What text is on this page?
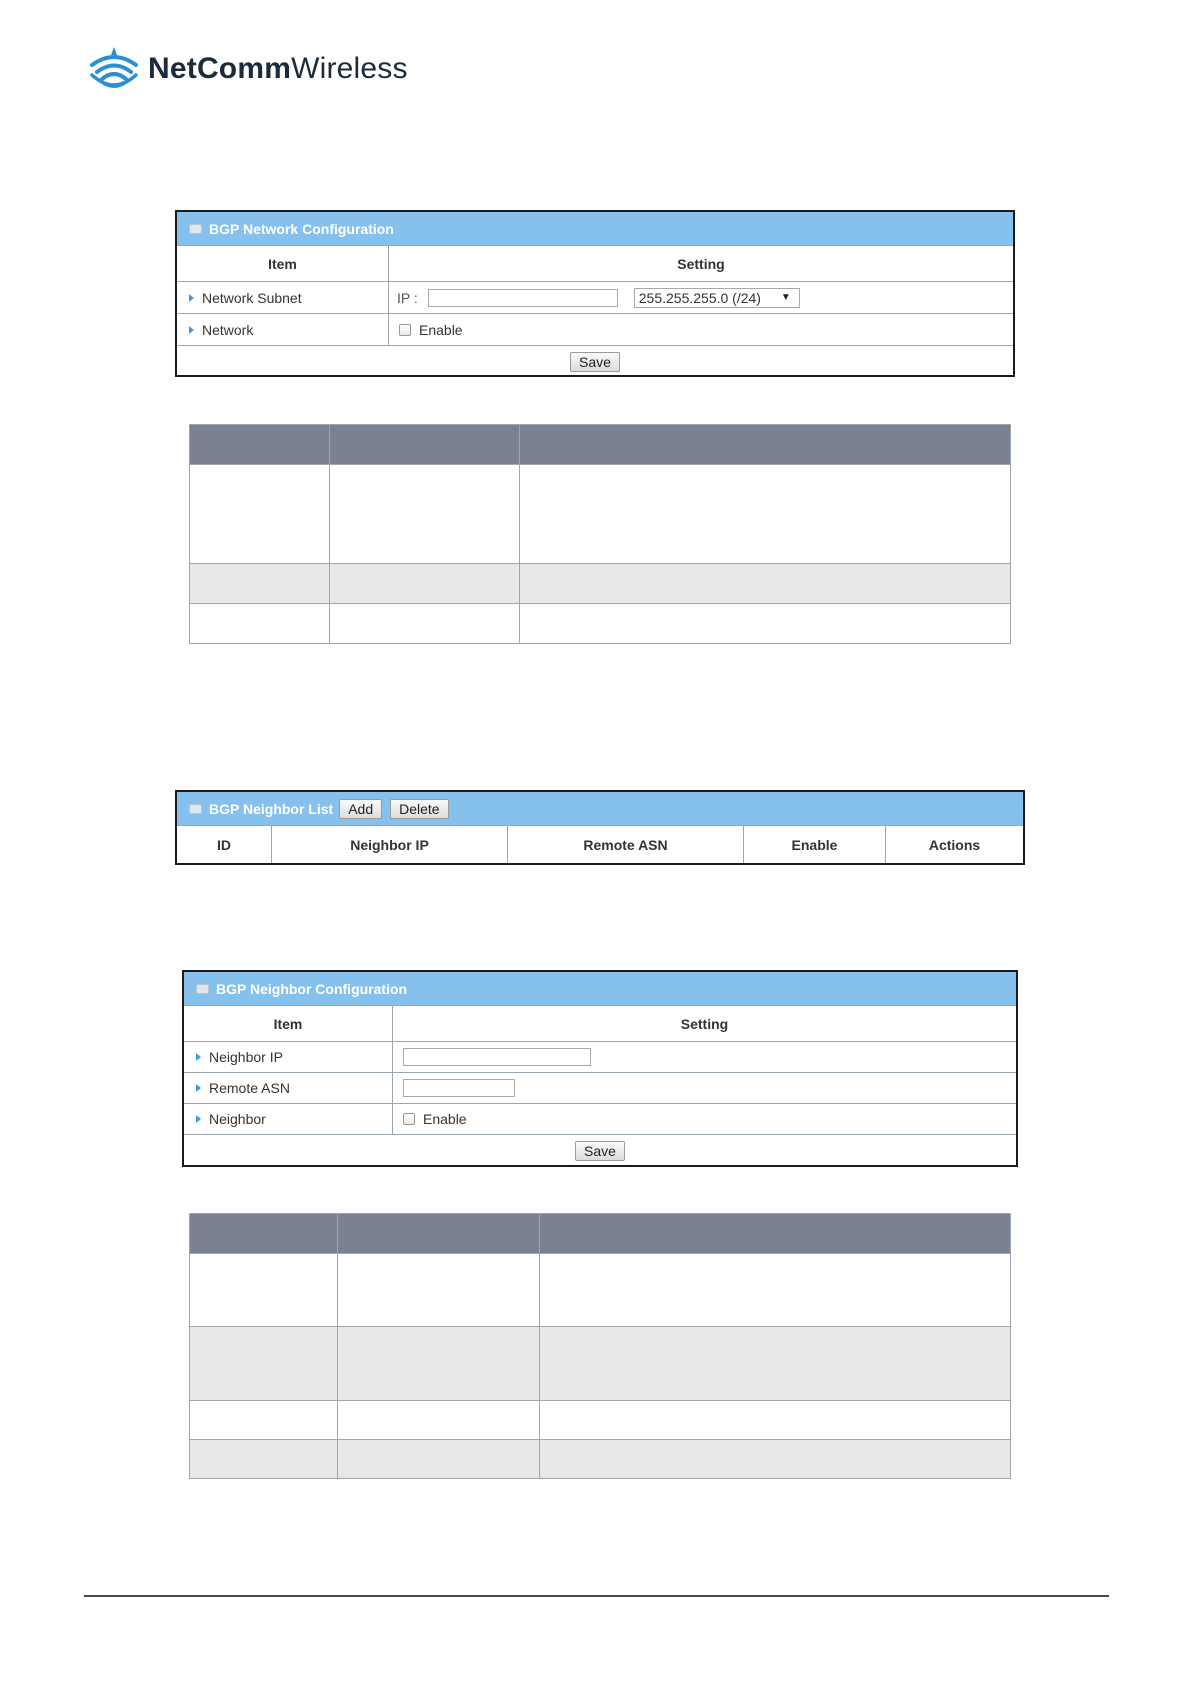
NetCommWireless
BGP Network Configuration
Item	Setting
Network Subnet	IP :	255.255.255.0 (/24) ▼
Network	Enable
Save

BGP Neighbor List	Add	Delete
ID	Neighbor IP	Remote ASN	Enable	Actions
BGP Neighbor Configuration
Item	Setting
Neighbor IP
Remote ASN
Neighbor	Enable
Save
